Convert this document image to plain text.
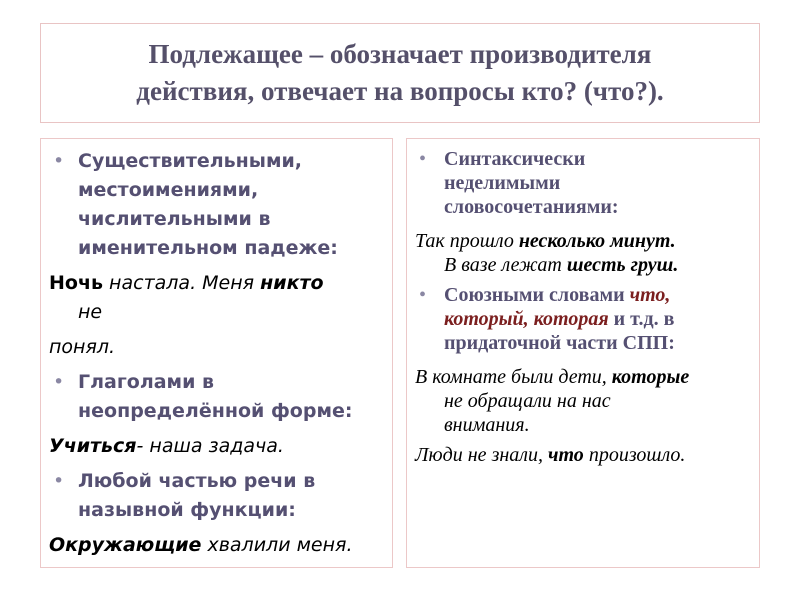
Подлежащее – обозначает производителя
действия, отвечает на вопросы кто? (что?).
• Существительными,
местоимениями,
числительными в
именительном падеже:
Ночь настала. Меня никто
не
понял.
• Глаголами в
неопределённой форме:
Учиться- наша задача.
• Любой частью речи в
назывной функции:
Окружающие хвалили меня.
• Синтаксически
неделимыми
словосочетаниями:
Так прошло несколько минут.
В вазе лежат шесть груш.
• Союзными словами что,
который, которая и т.д. в
придаточной части СПП:
В комнате были дети, которые
не обращали на нас
внимания.
Люди не знали, что произошло.
